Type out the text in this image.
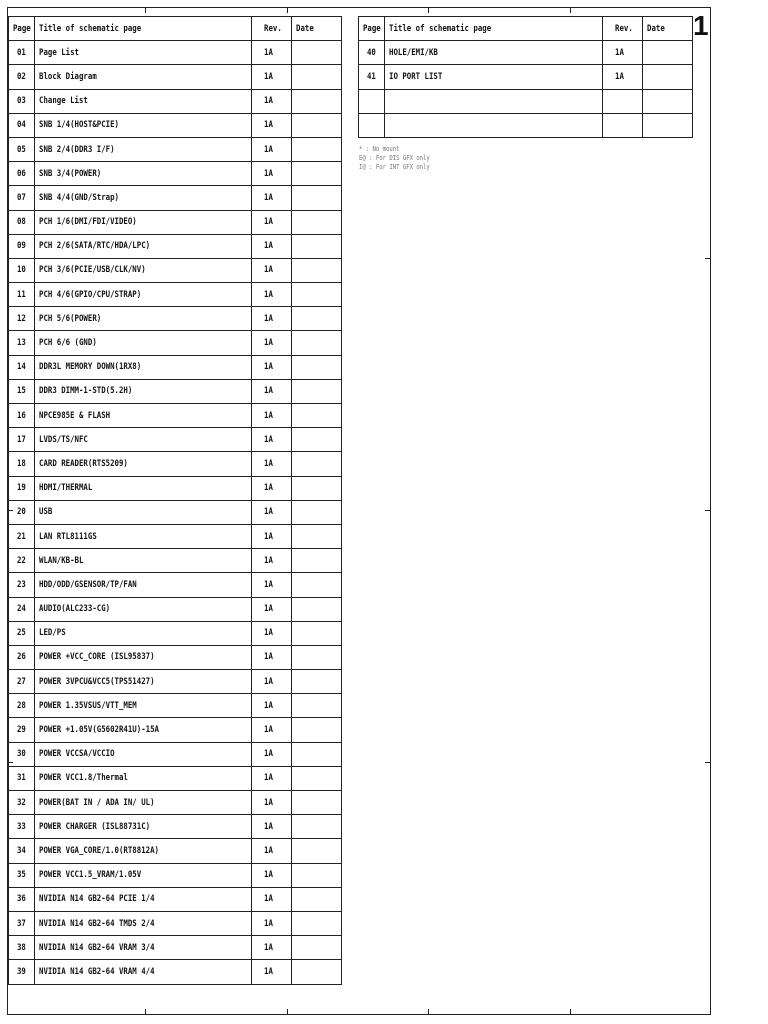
1
Page	Title of schematic page	Rev.	Date
01	Page List	1A	
02	Block Diagram	1A	
03	Change List	1A	
04	SNB 1/4(HOST&PCIE)	1A	
05	SNB 2/4(DDR3 I/F)	1A	
06	SNB 3/4(POWER)	1A	
07	SNB 4/4(GND/Strap)	1A	
08	PCH 1/6(DMI/FDI/VIDEO)	1A	
09	PCH 2/6(SATA/RTC/HDA/LPC)	1A	
10	PCH 3/6(PCIE/USB/CLK/NV)	1A	
11	PCH 4/6(GPIO/CPU/STRAP)	1A	
12	PCH 5/6(POWER)	1A	
13	PCH 6/6 (GND)	1A	
14	DDR3L MEMORY DOWN(1RX8)	1A	
15	DDR3 DIMM-1-STD(5.2H)	1A	
16	NPCE985E & FLASH	1A	
17	LVDS/TS/NFC	1A	
18	CARD READER(RTS5209)	1A	
19	HDMI/THERMAL	1A	
20	USB	1A	
21	LAN RTL8111GS	1A	
22	WLAN/KB-BL	1A	
23	HDD/ODD/GSENSOR/TP/FAN	1A	
24	AUDIO(ALC233-CG)	1A	
25	LED/PS	1A	
26	POWER +VCC_CORE (ISL95837)	1A	
27	POWER 3VPCU&VCC5(TPS51427)	1A	
28	POWER 1.35VSUS/VTT_MEM	1A	
29	POWER +1.05V(G5602R41U)-15A	1A	
30	POWER VCCSA/VCCIO	1A	
31	POWER VCC1.8/Thermal	1A	
32	POWER(BAT IN / ADA IN/ UL)	1A	
33	POWER CHARGER (ISL88731C)	1A	
34	POWER VGA_CORE/1.0(RT8812A)	1A	
35	POWER VCC1.5_VRAM/1.05V	1A	
36	NVIDIA N14 GB2-64 PCIE 1/4	1A	
37	NVIDIA N14 GB2-64 TMDS 2/4	1A	
38	NVIDIA N14 GB2-64 VRAM 3/4	1A	
39	NVIDIA N14 GB2-64 VRAM 4/4	1A	
Page	Title of schematic page	Rev.	Date
40	HOLE/EMI/KB	1A	
41	IO PORT LIST	1A	

* : No mount
E@ : For DIS GFX only
I@ : For INT GFX only
